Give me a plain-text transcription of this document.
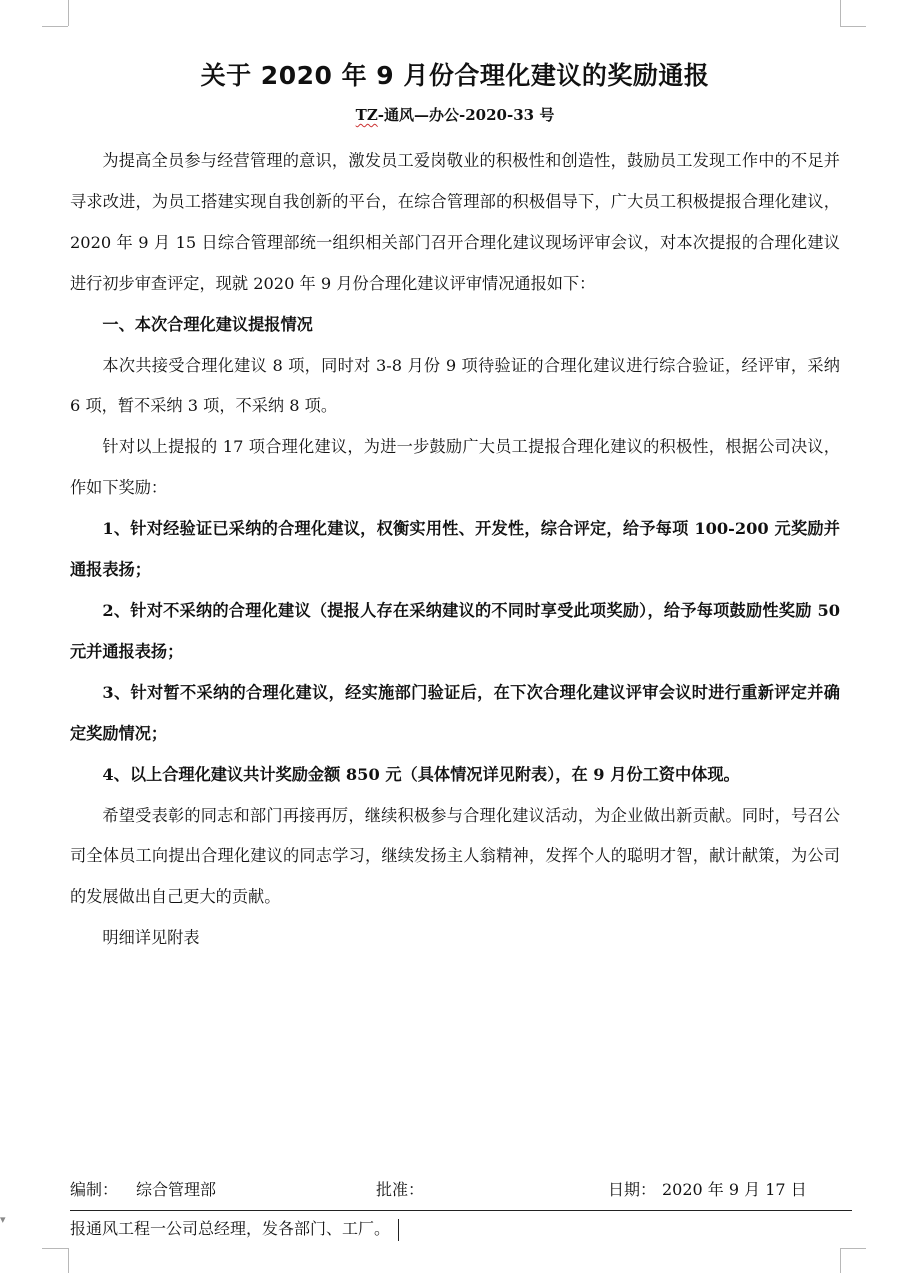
▾
关于 2020 年 9 月份合理化建议的奖励通报
TZ-通风—办公-2020-33 号

为提高全员参与经营管理的意识，激发员工爱岗敬业的积极性和创造性，鼓励员工发现工作中的不足并寻求改进，为员工搭建实现自我创新的平台，在综合管理部的积极倡导下，广大员工积极提报合理化建议，2020 年 9 月 15 日综合管理部统一组织相关部门召开合理化建议现场评审会议，对本次提报的合理化建议进行初步审查评定，现就 2020 年 9 月份合理化建议评审情况通报如下：

一、本次合理化建议提报情况

本次共接受合理化建议 8 项，同时对 3-8 月份 9 项待验证的合理化建议进行综合验证，经评审，采纳 6 项，暂不采纳 3 项，不采纳 8 项。

针对以上提报的 17 项合理化建议，为进一步鼓励广大员工提报合理化建议的积极性，根据公司决议，作如下奖励：

1、针对经验证已采纳的合理化建议，权衡实用性、开发性，综合评定，给予每项 100-200 元奖励并通报表扬；

2、针对不采纳的合理化建议（提报人存在采纳建议的不同时享受此项奖励），给予每项鼓励性奖励 50 元并通报表扬；

3、针对暂不采纳的合理化建议，经实施部门验证后，在下次合理化建议评审会议时进行重新评定并确定奖励情况；

4、以上合理化建议共计奖励金额 850 元（具体情况详见附表），在 9 月份工资中体现。

希望受表彰的同志和部门再接再厉，继续积极参与合理化建议活动，为企业做出新贡献。同时，号召公司全体员工向提出合理化建议的同志学习，继续发扬主人翁精神，发挥个人的聪明才智，献计献策，为公司的发展做出自己更大的贡献。

明细详见附表

编制： 综合管理部	批准：	日期： 2020 年 9 月 17 日
报通风工程一公司总经理，发各部门、工厂。
